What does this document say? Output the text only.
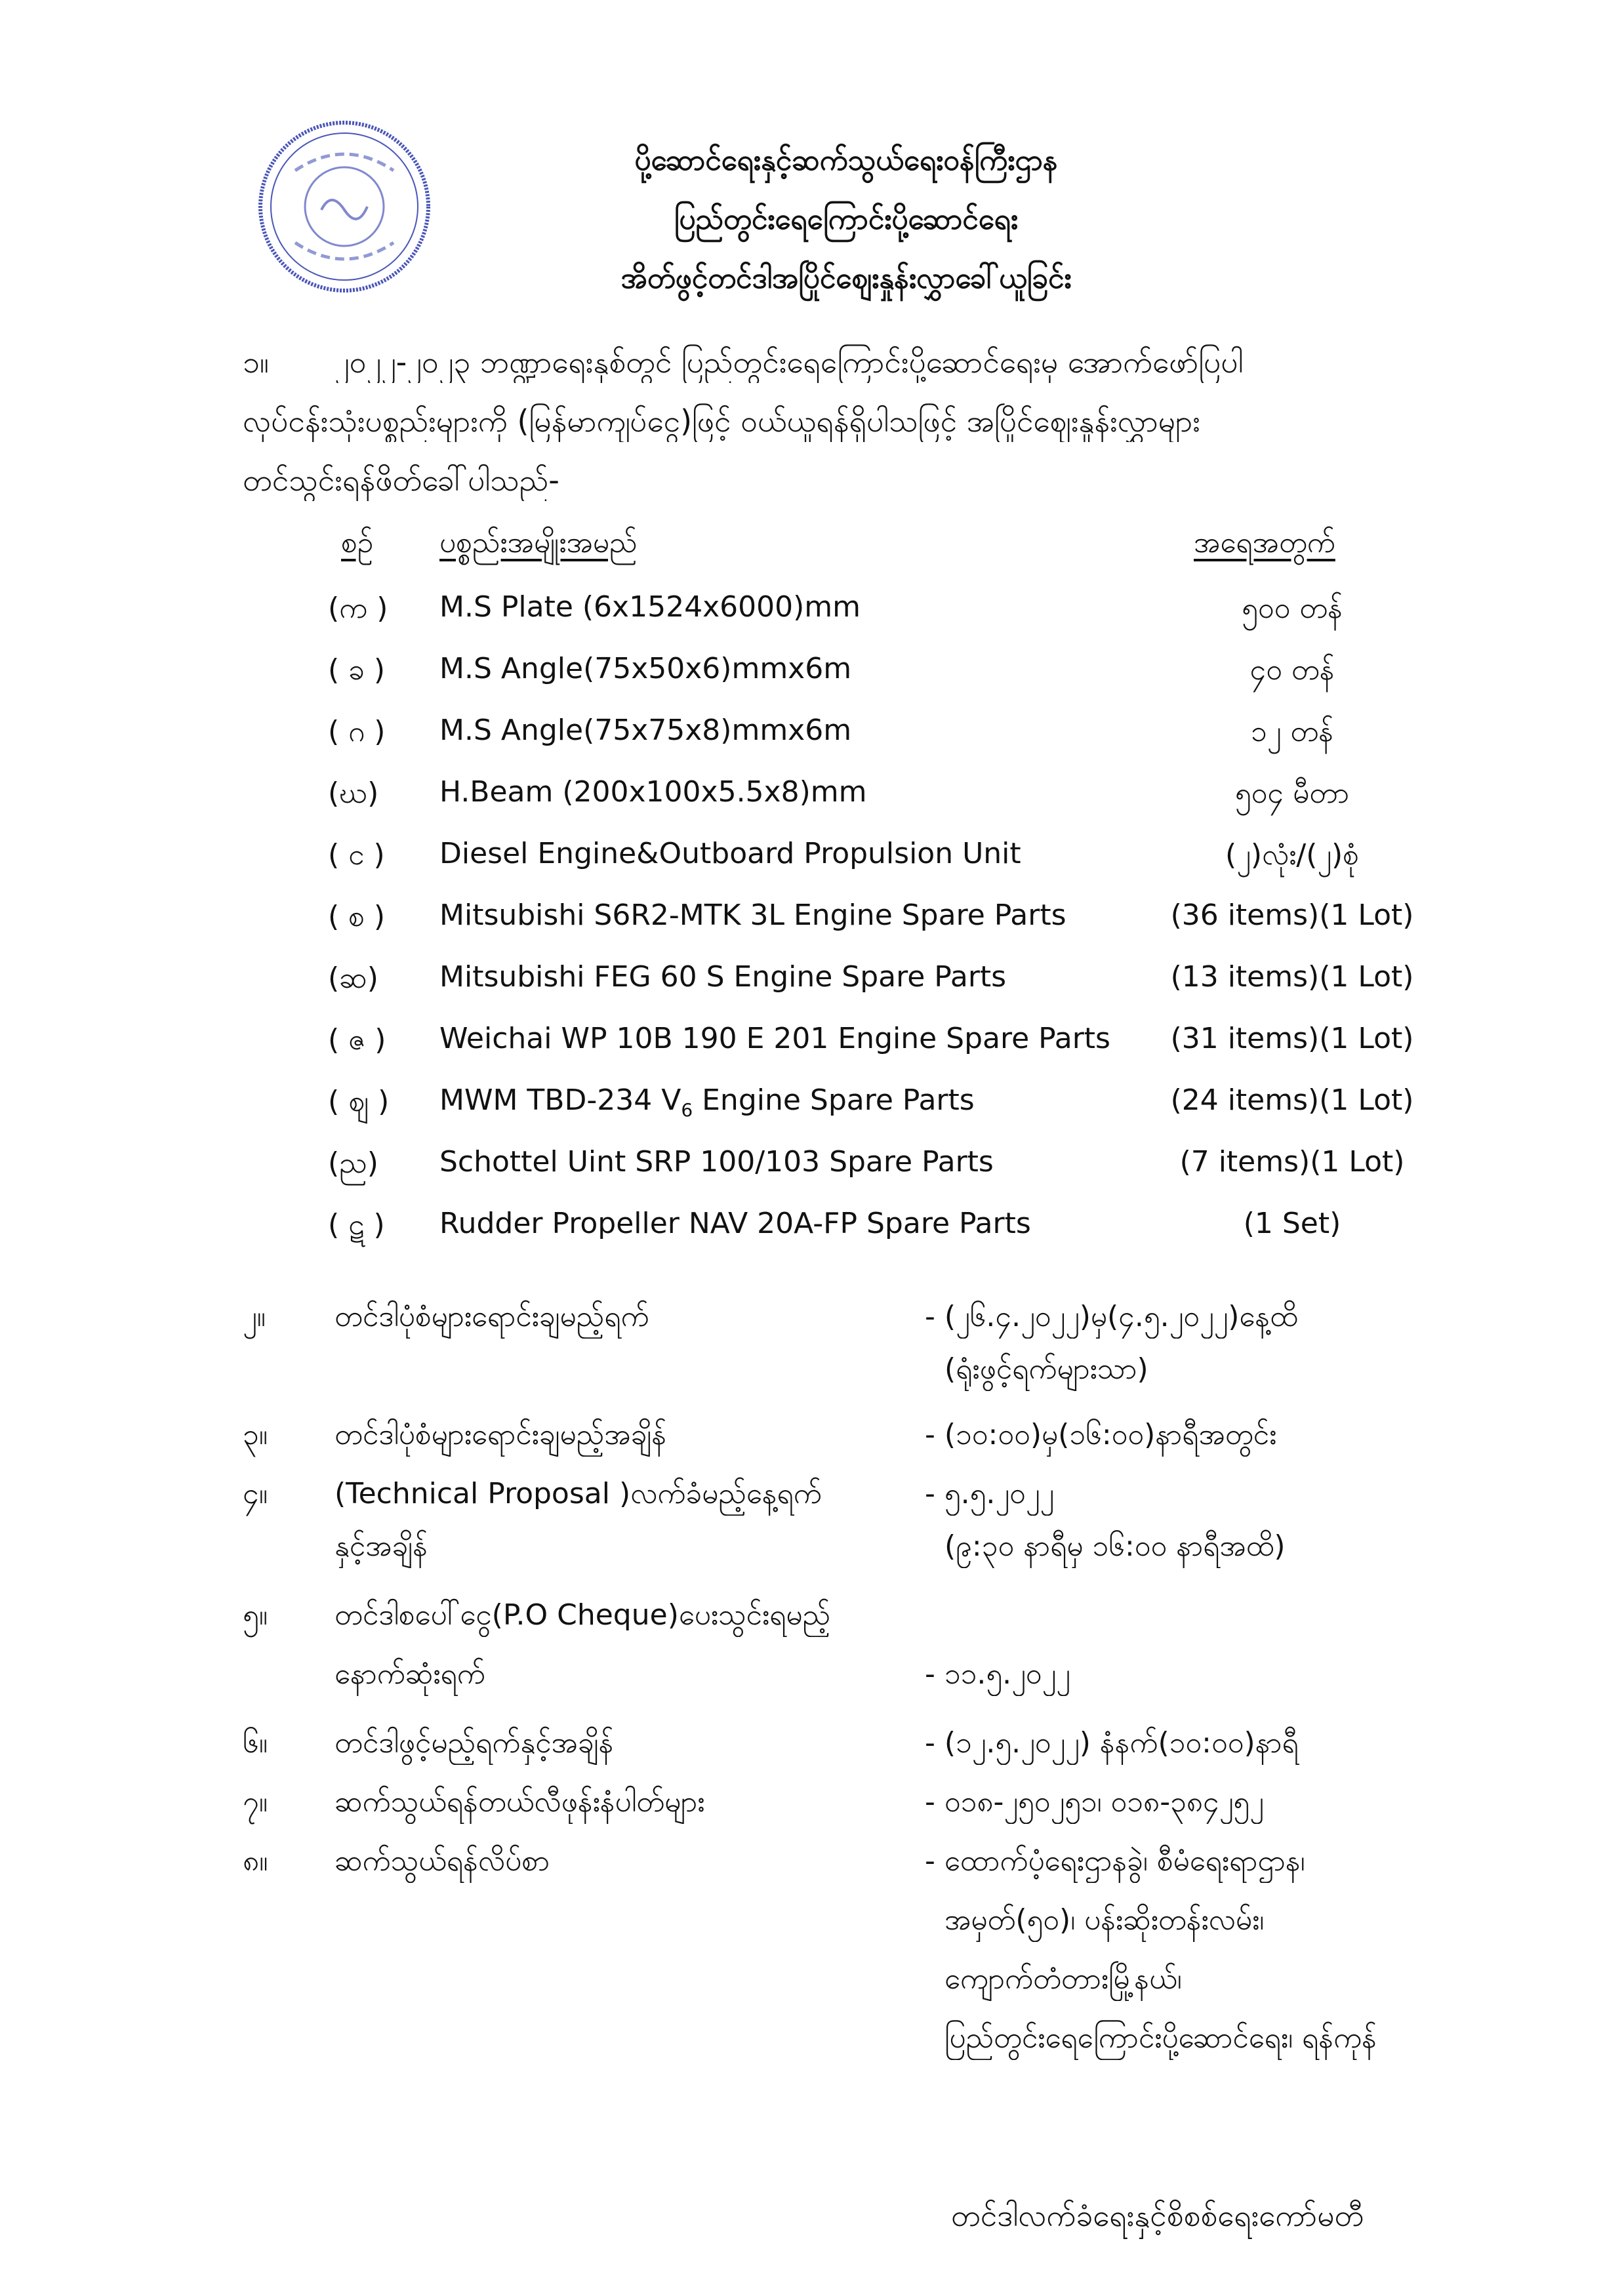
ပို့ဆောင်ရေးနှင့်ဆက်သွယ်ရေးဝန်ကြီးဌာန
ပြည်တွင်းရေကြောင်းပို့ဆောင်ရေး
အိတ်ဖွင့်တင်ဒါအပြိုင်ဈေးနှုန်းလွှာခေါ်ယူခြင်း
၁။ ၂၀၂၂-၂၀၂၃ ဘဏ္ဍာရေးနှစ်တွင် ပြည်တွင်းရေကြောင်းပို့ဆောင်ရေးမှ အောက်ဖော်ပြပါ
လုပ်ငန်းသုံးပစ္စည်းများကို (မြန်မာကျပ်ငွေ)ဖြင့် ဝယ်ယူရန်ရှိပါသဖြင့် အပြိုင်ဈေးနှုန်းလွှာများ
တင်သွင်းရန်ဖိတ်ခေါ်ပါသည်-
စဉ် ပစ္စည်းအမျိုးအမည်	အရေအတွက်
(က )	M.S Plate (6x1524x6000)mm	၅၀၀ တန်
( ခ )	M.S Angle(75x50x6)mmx6m	၄၀ တန်
( ဂ )	M.S Angle(75x75x8)mmx6m	၁၂ တန်
(ဃ)	H.Beam (200x100x5.5x8)mm	၅၀၄ မီတာ
( င )	Diesel Engine&Outboard Propulsion Unit	(၂)လုံး/(၂)စုံ
( စ )	Mitsubishi S6R2-MTK 3L Engine Spare Parts	(36 items)(1 Lot)
(ဆ)	Mitsubishi FEG 60 S Engine Spare Parts	(13 items)(1 Lot)
( ဇ )	Weichai WP 10B 190 E 201 Engine Spare Parts	(31 items)(1 Lot)
( ဈ )	MWM TBD-234 $V_6$ Engine Spare Parts	(24 items)(1 Lot)
(ည)	Schottel Uint SRP 100/103 Spare Parts	(7 items)(1 Lot)
( ဋ )	Rudder Propeller NAV 20A-FP Spare Parts	(1 Set)
၂။	တင်ဒါပုံစံများရောင်းချမည့်ရက်	- (၂၆.၄.၂၀၂၂)မှ(၄.၅.၂၀၂၂)နေ့ထိ
(ရုံးဖွင့်ရက်များသာ)
၃။	တင်ဒါပုံစံများရောင်းချမည့်အချိန်	- (၁၀:၀၀)မှ(၁၆:၀၀)နာရီအတွင်း
၄။	(Technical Proposal )လက်ခံမည့်နေ့ရက်	- ၅.၅.၂၀၂၂
နှင့်အချိန်	(၉:၃၀ နာရီမှ ၁၆:၀၀ နာရီအထိ)
၅။	တင်ဒါစပေါ်ငွေ(P.O Cheque)ပေးသွင်းရမည့်
နောက်ဆုံးရက်	- ၁၁.၅.၂၀၂၂
၆။	တင်ဒါဖွင့်မည့်ရက်နှင့်အချိန်	- (၁၂.၅.၂၀၂၂) နံနက်(၁၀:၀၀)နာရီ
၇။	ဆက်သွယ်ရန်တယ်လီဖုန်းနံပါတ်များ	- ၀၁၈-၂၅၀၂၅၁၊ ၀၁၈-၃၈၄၂၅၂
၈။	ဆက်သွယ်ရန်လိပ်စာ	- ထောက်ပံ့ရေးဌာနခွဲ၊ စီမံရေးရာဌာန၊
အမှတ်(၅၀)၊ ပန်းဆိုးတန်းလမ်း၊
ကျောက်တံတားမြို့နယ်၊
ပြည်တွင်းရေကြောင်းပို့ဆောင်ရေး၊ ရန်ကုန်
တင်ဒါလက်ခံရေးနှင့်စိစစ်ရေးကော်မတီ
